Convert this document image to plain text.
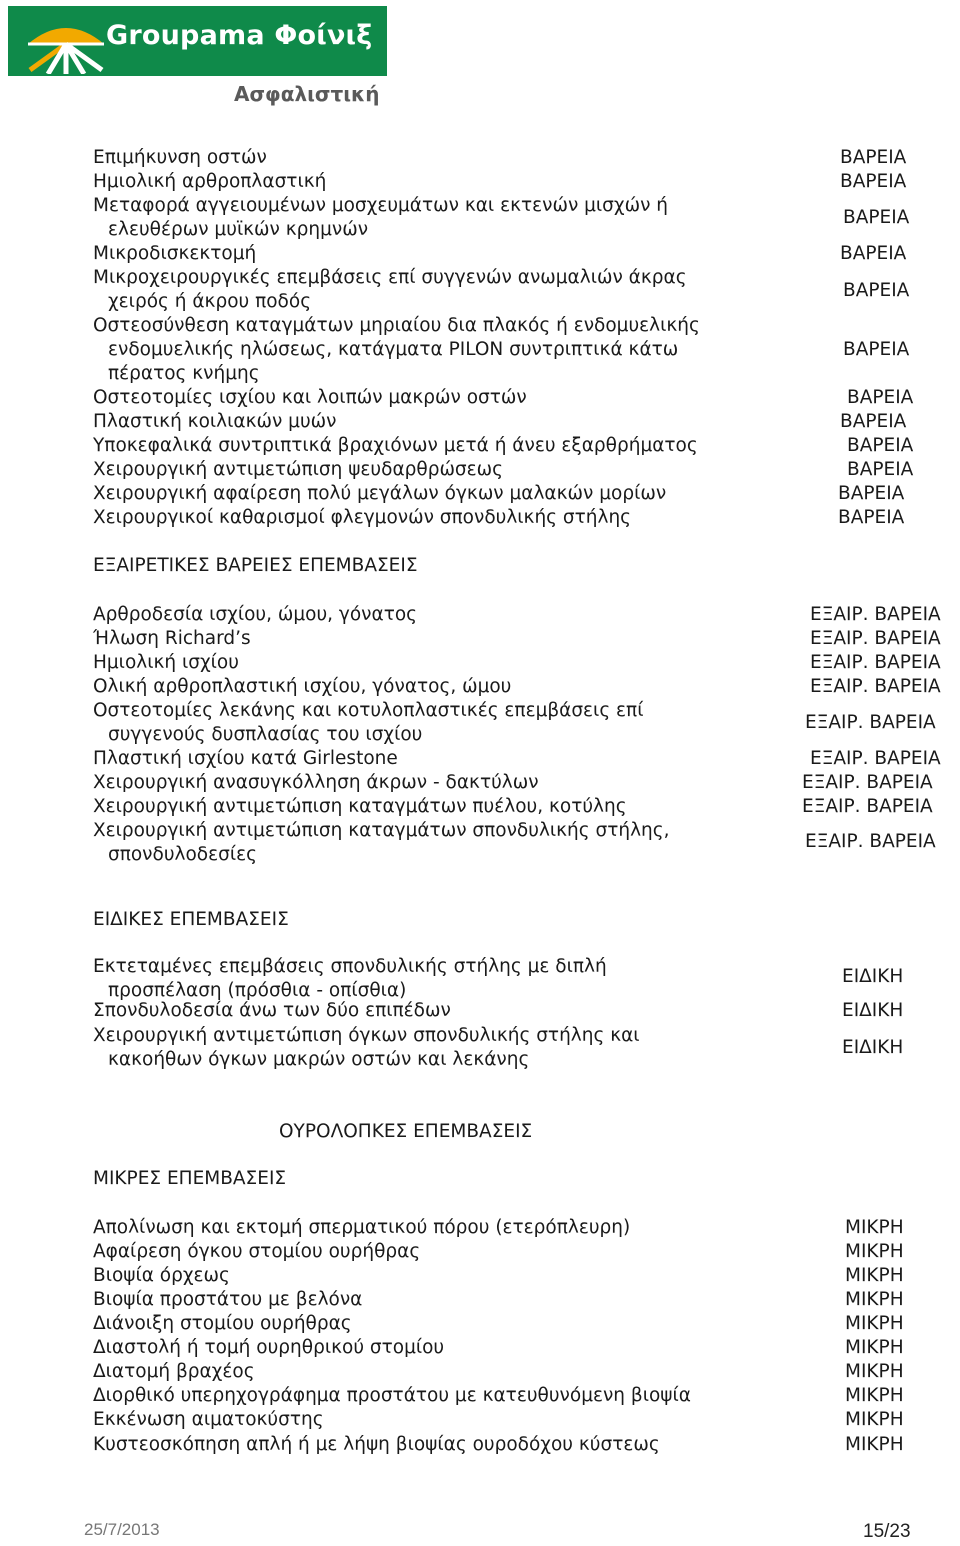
Groupama Φοίνιξ
Ασφαλιστική
Επιμήκυνση οστών	ΒΑΡΕΙΑ
Ημιολική αρθροπλαστική	ΒΑΡΕΙΑ
Μεταφορά αγγειουμένων μοσχευμάτων και εκτενών μισχών ή
ελευθέρων μυϊκών κρημνών
ΒΑΡΕΙΑ
Μικροδισκεκτομή	ΒΑΡΕΙΑ
Μικροχειρουργικές επεμβάσεις επί συγγενών ανωμαλιών άκρας
χειρός ή άκρου ποδός
ΒΑΡΕΙΑ
Οστεοσύνθεση καταγμάτων μηριαίου δια πλακός ή ενδομυελικής
ενδομυελικής ηλώσεως, κατάγματα PILON συντριπτικά κάτω
πέρατος κνήμης
ΒΑΡΕΙΑ
Οστεοτομίες ισχίου και λοιπών μακρών οστών	ΒΑΡΕΙΑ
Πλαστική κοιλιακών μυών	ΒΑΡΕΙΑ
Υποκεφαλικά συντριπτικά βραχιόνων μετά ή άνευ εξαρθρήματος	ΒΑΡΕΙΑ
Χειρουργική αντιμετώπιση ψευδαρθρώσεως	ΒΑΡΕΙΑ
Χειρουργική αφαίρεση πολύ μεγάλων όγκων μαλακών μορίων	ΒΑΡΕΙΑ
Χειρουργικοί καθαρισμοί φλεγμονών σπονδυλικής στήλης	ΒΑΡΕΙΑ
ΕΞΑΙΡΕΤΙΚΕΣ ΒΑΡΕΙΕΣ ΕΠΕΜΒΑΣΕΙΣ
Αρθροδεσία ισχίου, ώμου, γόνατος	ΕΞΑΙΡ. ΒΑΡΕΙΑ
Ήλωση Richard’s	ΕΞΑΙΡ. ΒΑΡΕΙΑ
Ημιολική ισχίου	ΕΞΑΙΡ. ΒΑΡΕΙΑ
Ολική αρθροπλαστική ισχίου, γόνατος, ώμου	ΕΞΑΙΡ. ΒΑΡΕΙΑ
Οστεοτομίες λεκάνης και κοτυλοπλαστικές επεμβάσεις επί
συγγενούς δυσπλασίας του ισχίου
ΕΞΑΙΡ. ΒΑΡΕΙΑ
Πλαστική ισχίου κατά Girlestone	ΕΞΑΙΡ. ΒΑΡΕΙΑ
Χειρουργική ανασυγκόλληση άκρων - δακτύλων	ΕΞΑΙΡ. ΒΑΡΕΙΑ
Χειρουργική αντιμετώπιση καταγμάτων πυέλου, κοτύλης	ΕΞΑΙΡ. ΒΑΡΕΙΑ
Χειρουργική αντιμετώπιση καταγμάτων σπονδυλικής στήλης,
σπονδυλοδεσίες
ΕΞΑΙΡ. ΒΑΡΕΙΑ
ΕΙΔΙΚΕΣ ΕΠΕΜΒΑΣΕΙΣ
Εκτεταμένες επεμβάσεις σπονδυλικής στήλης με διπλή
προσπέλαση (πρόσθια - οπίσθια)
ΕΙΔΙΚΗ
Σπονδυλοδεσία άνω των δύο επιπέδων	ΕΙΔΙΚΗ
Χειρουργική αντιμετώπιση όγκων σπονδυλικής στήλης και
κακοήθων όγκων μακρών οστών και λεκάνης
ΕΙΔΙΚΗ
ΟΥΡΟΛΟΠΚΕΣ ΕΠΕΜΒΑΣΕΙΣ
ΜΙΚΡΕΣ ΕΠΕΜΒΑΣΕΙΣ
Απολίνωση και εκτομή σπερματικού πόρου (ετερόπλευρη)	ΜΙΚΡΗ
Αφαίρεση όγκου στομίου ουρήθρας	ΜΙΚΡΗ
Βιοψία όρχεως	ΜΙΚΡΗ
Βιοψία προστάτου με βελόνα	ΜΙΚΡΗ
Διάνοιξη στομίου ουρήθρας	ΜΙΚΡΗ
Διαστολή ή τομή ουρηθρικού στομίου	ΜΙΚΡΗ
Διατομή βραχέος	ΜΙΚΡΗ
Διορθικό υπερηχογράφημα προστάτου με κατευθυνόμενη βιοψία	ΜΙΚΡΗ
Εκκένωση αιματοκύστης	ΜΙΚΡΗ
Κυστεοσκόπηση απλή ή με λήψη βιοψίας ουροδόχου κύστεως	ΜΙΚΡΗ
25/7/2013	15/23
